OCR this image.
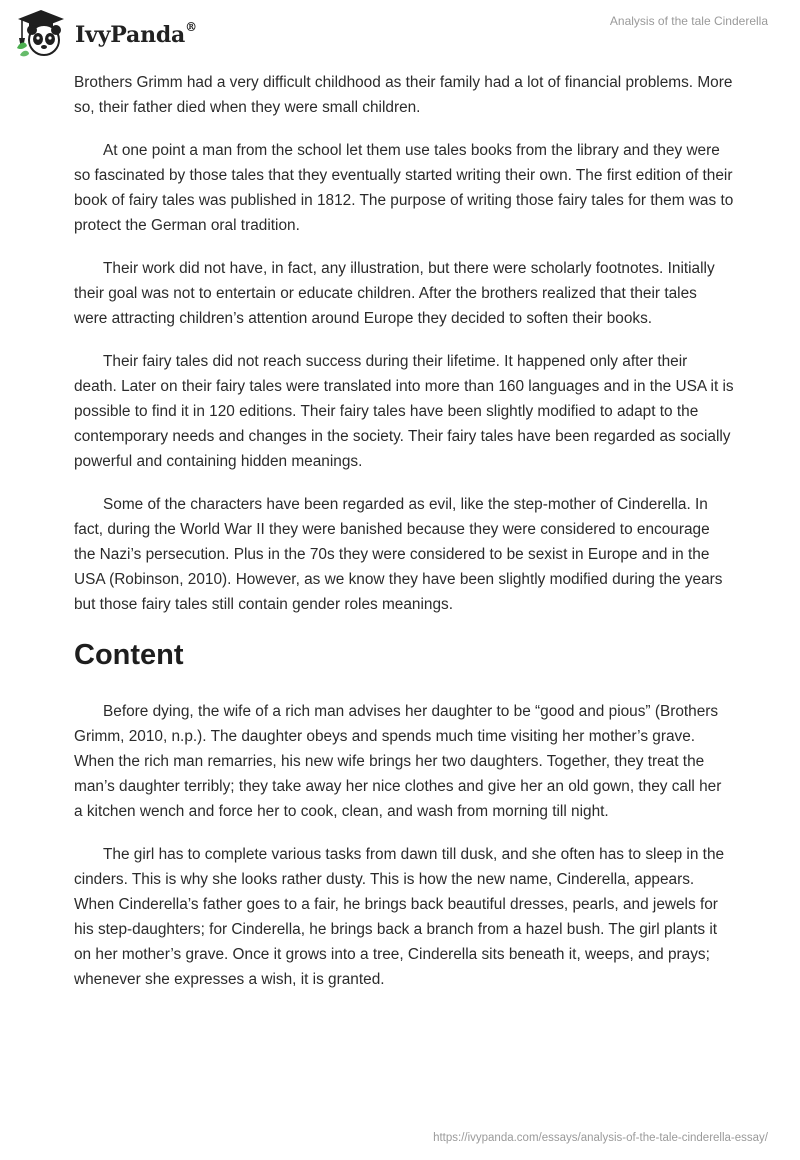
IvyPanda®	Analysis of the tale Cinderella

Brothers Grimm had a very difficult childhood as their family had a lot of financial problems. More so, their father died when they were small children.

At one point a man from the school let them use tales books from the library and they were so fascinated by those tales that they eventually started writing their own. The first edition of their book of fairy tales was published in 1812. The purpose of writing those fairy tales for them was to protect the German oral tradition.

Their work did not have, in fact, any illustration, but there were scholarly footnotes. Initially their goal was not to entertain or educate children. After the brothers realized that their tales were attracting children’s attention around Europe they decided to soften their books.

Their fairy tales did not reach success during their lifetime. It happened only after their death. Later on their fairy tales were translated into more than 160 languages and in the USA it is possible to find it in 120 editions. Their fairy tales have been slightly modified to adapt to the contemporary needs and changes in the society. Their fairy tales have been regarded as socially powerful and containing hidden meanings.

Some of the characters have been regarded as evil, like the step-mother of Cinderella. In fact, during the World War II they were banished because they were considered to encourage the Nazi’s persecution. Plus in the 70s they were considered to be sexist in Europe and in the USA (Robinson, 2010). However, as we know they have been slightly modified during the years but those fairy tales still contain gender roles meanings.

Content

Before dying, the wife of a rich man advises her daughter to be “good and pious” (Brothers Grimm, 2010, n.p.). The daughter obeys and spends much time visiting her mother’s grave. When the rich man remarries, his new wife brings her two daughters. Together, they treat the man’s daughter terribly; they take away her nice clothes and give her an old gown, they call her a kitchen wench and force her to cook, clean, and wash from morning till night.

The girl has to complete various tasks from dawn till dusk, and she often has to sleep in the cinders. This is why she looks rather dusty. This is how the new name, Cinderella, appears. When Cinderella’s father goes to a fair, he brings back beautiful dresses, pearls, and jewels for his step-daughters; for Cinderella, he brings back a branch from a hazel bush. The girl plants it on her mother’s grave. Once it grows into a tree, Cinderella sits beneath it, weeps, and prays; whenever she expresses a wish, it is granted.

https://ivypanda.com/essays/analysis-of-the-tale-cinderella-essay/
